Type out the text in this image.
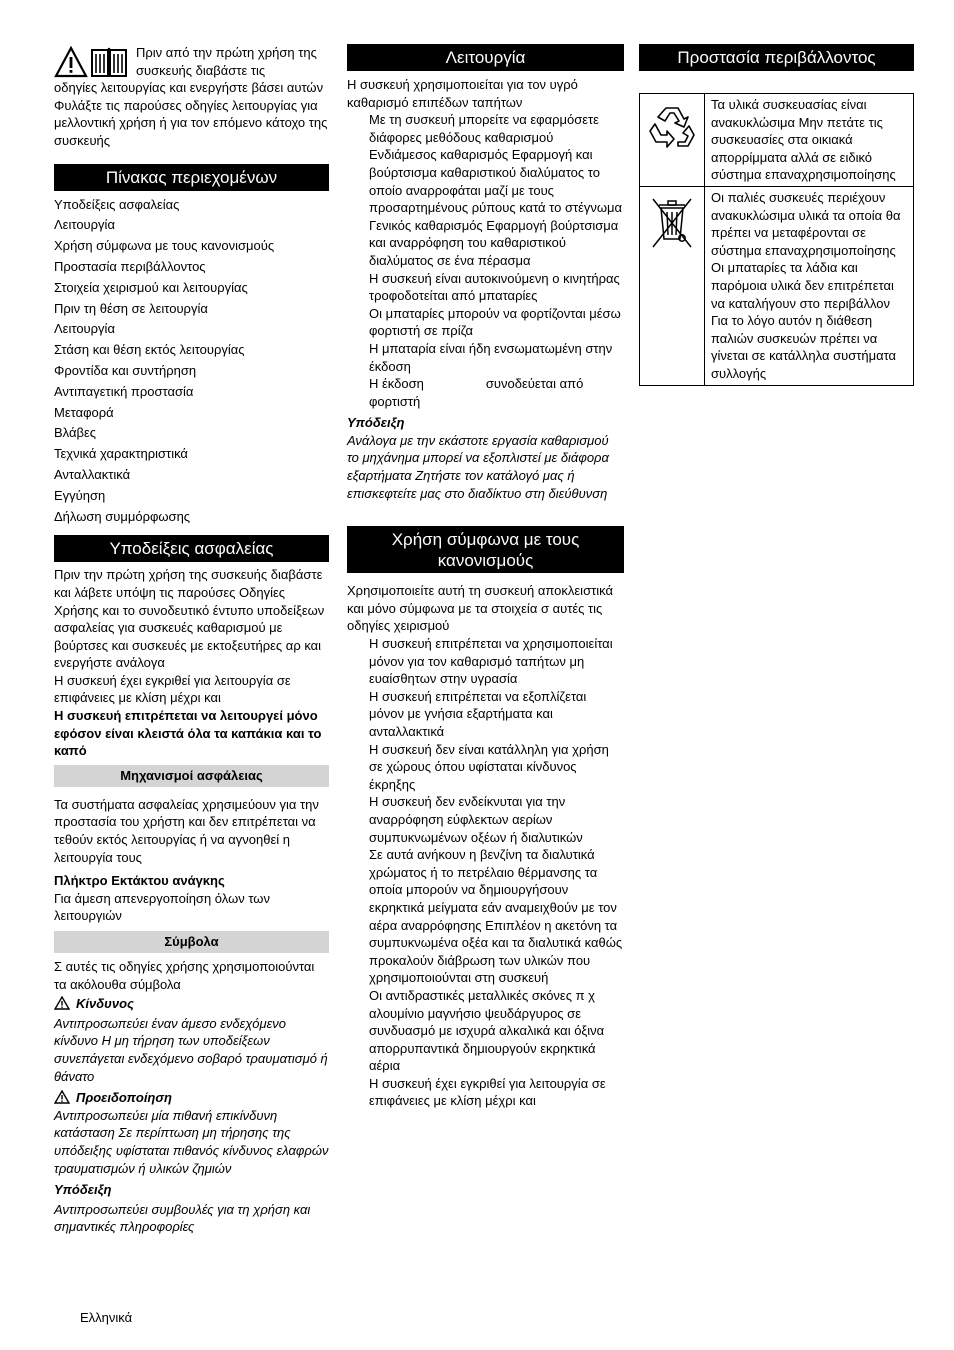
Πριν από την πρώτη χρήση της συσκευής διαβάστε τις

οδηγίες λειτουργίας και ενεργήστε βάσει αυτών Φυλάξτε τις παρούσες οδηγίες λειτουργίας για μελλοντική χρήση ή για τον επόμενο κάτοχο της συσκευής

Πίνακας περιεχομένων
Υποδείξεις ασφαλείας
Λειτουργία
Χρήση σύμφωνα με τους κανονισμούς
Προστασία περιβάλλοντος
Στοιχεία χειρισμού και λειτουργίας
Πριν τη θέση σε λειτουργία
Λειτουργία
Στάση και θέση εκτός λειτουργίας
Φροντίδα και συντήρηση
Αντιπαγετική προστασία
Μεταφορά
Βλάβες
Τεχνικά χαρακτηριστικά
Ανταλλακτικά
Εγγύηση
Δήλωση συμμόρφωσης
Υποδείξεις ασφαλείας

Πριν την πρώτη χρήση της συσκευής διαβάστε και λάβετε υπόψη τις παρούσες Οδηγίες Χρήσης και το συνοδευτικό έντυπο υποδείξεων ασφαλείας για συσκευές καθαρισμού με βούρτσες και συσκευές με εκτοξευτήρες αρ και ενεργήστε ανάλογα

Η συσκευή έχει εγκριθεί για λειτουργία σε επιφάνειες με κλίση μέχρι και

Η συσκευή επιτρέπεται να λειτουργεί μόνο εφόσον είναι κλειστά όλα τα καπάκια και το καπό

Μηχανισμοί ασφάλειας

Τα συστήματα ασφαλείας χρησιμεύουν για την προστασία του χρήστη και δεν επιτρέπεται να τεθούν εκτός λειτουργίας ή να αγνοηθεί η λειτουργία τους

Πλήκτρο Εκτάκτου ανάγκης

Για άμεση απενεργοποίηση όλων των λειτουργιών

Σύμβολα

Σ αυτές τις οδηγίες χρήσης χρησιμοποιούνται τα ακόλουθα σύμβολα

Κίνδυνος

Αντιπροσωπεύει έναν άμεσο ενδεχόμενο κίνδυνο Η μη τήρηση των υποδείξεων συνεπάγεται ενδεχόμενο σοβαρό τραυματισμό ή θάνατο

Προειδοποίηση

Αντιπροσωπεύει μία πιθανή επικίνδυνη κατάσταση Σε περίπτωση μη τήρησης της υπόδειξης υφίσταται πιθανός κίνδυνος ελαφρών τραυματισμών ή υλικών ζημιών

Υπόδειξη

Αντιπροσωπεύει συμβουλές για τη χρήση και σημαντικές πληροφορίες

Λειτουργία

Η συσκευή χρησιμοποιείται για τον υγρό καθαρισμό επιπέδων ταπήτων

Με τη συσκευή μπορείτε να εφαρμόσετε διάφορες μεθόδους καθαρισμού

Ενδιάμεσος καθαρισμός Εφαρμογή και βούρτσισμα καθαριστικού διαλύματος το οποίο αναρροφάται μαζί με τους προσαρτημένους ρύπους κατά το στέγνωμα

Γενικός καθαρισμός Εφαρμογή βούρτσισμα και αναρρόφηση του καθαριστικού διαλύματος σε ένα πέρασμα

Η συσκευή είναι αυτοκινούμενη ο κινητήρας τροφοδοτείται από μπαταρίες

Οι μπαταρίες μπορούν να φορτίζονται μέσω φορτιστή σε πρίζα

Η μπαταρία είναι ήδη ενσωματωμένη στην έκδοση

Η έκδοση	συνοδεύεται από
φορτιστή

Υπόδειξη

Ανάλογα με την εκάστοτε εργασία καθαρισμού το μηχάνημα μπορεί να εξοπλιστεί με διάφορα εξαρτήματα Ζητήστε τον κατάλογό μας ή επισκεφτείτε μας στο διαδίκτυο στη διεύθυνση

Χρήση σύμφωνα με τους κανονισμούς

Χρησιμοποιείτε αυτή τη συσκευή αποκλειστικά και μόνο σύμφωνα με τα στοιχεία σ αυτές τις οδηγίες χειρισμού

Η συσκευή επιτρέπεται να χρησιμοποιείται μόνον για τον καθαρισμό ταπήτων μη ευαίσθητων στην υγρασία

Η συσκευή επιτρέπεται να εξοπλίζεται μόνον με γνήσια εξαρτήματα και ανταλλακτικά

Η συσκευή δεν είναι κατάλληλη για χρήση σε χώρους όπου υφίσταται κίνδυνος έκρηξης

Η συσκευή δεν ενδείκνυται για την αναρρόφηση εύφλεκτων αερίων συμπυκνωμένων οξέων ή διαλυτικών

Σε αυτά ανήκουν η βενζίνη τα διαλυτικά χρώματος ή το πετρέλαιο θέρμανσης τα οποία μπορούν να δημιουργήσουν εκρηκτικά μείγματα εάν αναμειχθούν με τον αέρα αναρρόφησης Επιπλέον η ακετόνη τα συμπυκνωμένα οξέα και τα διαλυτικά καθώς προκαλούν διάβρωση των υλικών που χρησιμοποιούνται στη συσκευή

Οι αντιδραστικές μεταλλικές σκόνες π χ αλουμίνιο μαγνήσιο ψευδάργυρος σε συνδυασμό με ισχυρά αλκαλικά και όξινα απορρυπαντικά δημιουργούν εκρηκτικά αέρια

Η συσκευή έχει εγκριθεί για λειτουργία σε επιφάνειες με κλίση μέχρι και

Προστασία περιβάλλοντος
	Τα υλικά συσκευασίας είναι ανακυκλώσιμα Μην πετάτε τις συσκευασίες στα οικιακά απορρίμματα αλλά σε ειδικό σύστημα επαναχρησιμοποίησης
	Οι παλιές συσκευές περιέχουν ανακυκλώσιμα υλικά τα οποία θα πρέπει να μεταφέρονται σε σύστημα επαναχρησιμοποίησης Οι μπαταρίες τα λάδια και παρόμοια υλικά δεν επιτρέπεται να καταλήγουν στο περιβάλλον Για το λόγο αυτόν η διάθεση παλιών συσκευών πρέπει να γίνεται σε κατάλληλα συστήματα συλλογής
Ελληνικά
